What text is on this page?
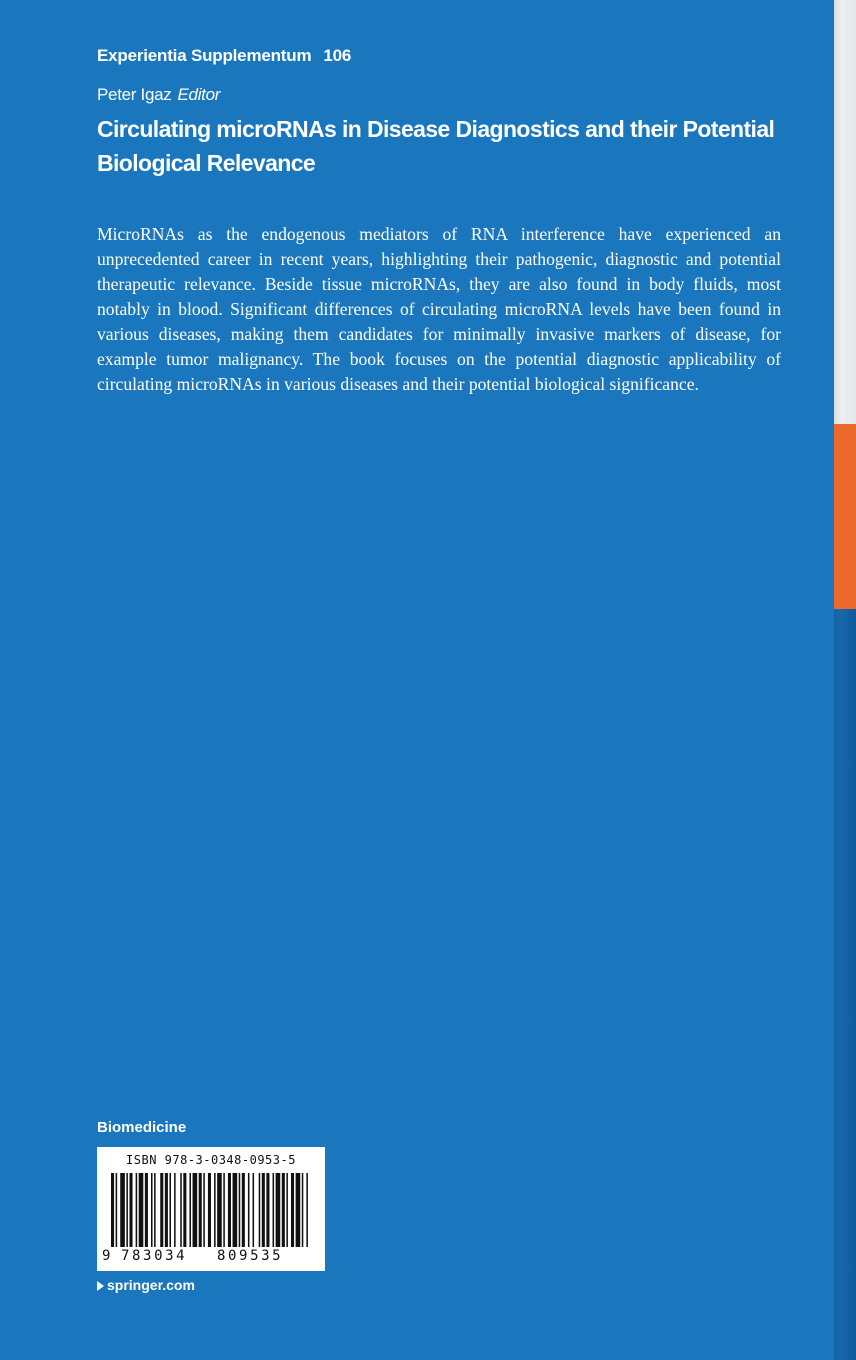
Experientia Supplementum 106
Peter Igaz Editor
Circulating microRNAs in Disease Diagnostics and their Potential Biological Relevance

MicroRNAs as the endogenous mediators of RNA interference have experienced an unprecedented career in recent years, highlighting their pathogenic, diagnostic and potential therapeutic relevance. Beside tissue microRNAs, they are also found in body fluids, most notably in blood. Significant differences of circulating microRNA levels have been found in various diseases, making them candidates for minimally invasive markers of disease, for example tumor malignancy. The book focuses on the potential diagnostic applicability of circulating microRNAs in various diseases and their potential biological significance.

Biomedicine
ISBN 978-3-0348-0953-5
9 783034 809535
springer.com
